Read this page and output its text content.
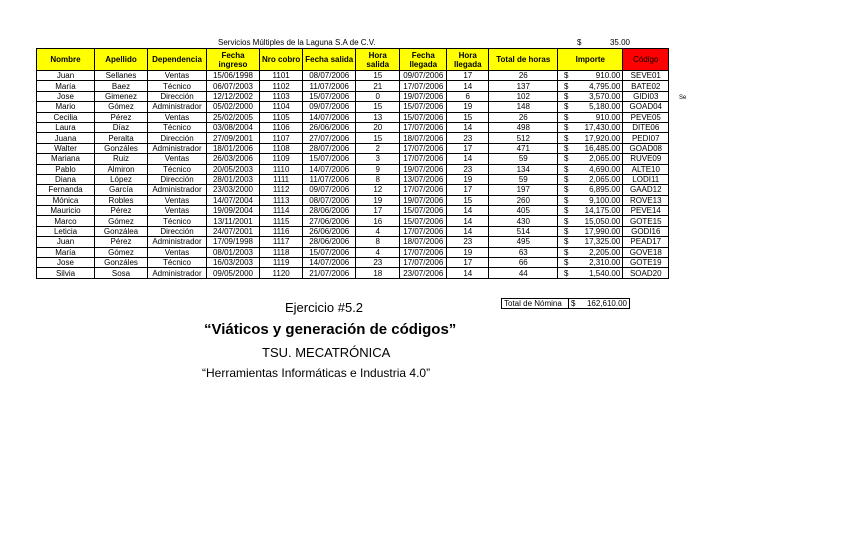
Servicios Múltiples de la Laguna S.A de C.V.	$	35.00
Nombre	Apellido	Dependencia	Fecha ingreso	Nro cobro	Fecha salida	Hora salida	Fecha llegada	Hora llegada	Total de horas	Importe	Código
Juan	Sellanes	Ventas	15/06/1998	1101	08/07/2006	15	09/07/2006	17	26	$ 910.00	SEVE01
María	Baez	Técnico	06/07/2003	1102	11/07/2006	21	17/07/2006	14	137	$ 4,795.00	BATE02
Jose	Gimenez	Dirección	12/12/2002	1103	15/07/2006	0	19/07/2006	6	102	$ 3,570.00	GIDI03
Mario	Gómez	Administrador	05/02/2000	1104	09/07/2006	15	15/07/2006	19	148	$ 5,180.00	GOAD04
Cecilia	Pérez	Ventas	25/02/2005	1105	14/07/2006	13	15/07/2006	15	26	$ 910.00	PEVE05
Laura	Díaz	Técnico	03/08/2004	1106	26/06/2006	20	17/07/2006	14	498	$ 17,430.00	DITE06
Juana	Peralta	Dirección	27/09/2001	1107	27/07/2006	15	18/07/2006	23	512	$ 17,920.00	PEDI07
Walter	Gonzáles	Administrador	18/01/2006	1108	28/07/2006	2	17/07/2006	17	471	$ 16,485.00	GOAD08
Mariana	Ruiz	Ventas	26/03/2006	1109	15/07/2006	3	17/07/2006	14	59	$ 2,065.00	RUVE09
Pablo	Almiron	Técnico	20/05/2003	1110	14/07/2006	9	19/07/2006	23	134	$ 4,690.00	ALTE10
Diana	López	Dirección	28/01/2003	1111	11/07/2006	8	13/07/2006	19	59	$ 2,065.00	LODI11
Fernanda	García	Administrador	23/03/2000	1112	09/07/2006	12	17/07/2006	17	197	$ 6,895.00	GAAD12
Mónica	Robles	Ventas	14/07/2004	1113	08/07/2006	19	19/07/2006	15	260	$ 9,100.00	ROVE13
Mauricio	Pérez	Ventas	19/09/2004	1114	28/06/2006	17	15/07/2006	14	405	$ 14,175.00	PEVE14
Marco	Gómez	Técnico	13/11/2001	1115	27/06/2006	16	15/07/2006	14	430	$ 15,050.00	GOTE15
Leticia	Gonzálea	Dirección	24/07/2001	1116	26/06/2006	4	17/07/2006	14	514	$ 17,990.00	GODI16
Juan	Pérez	Administrador	17/09/1998	1117	28/06/2006	8	18/07/2006	23	495	$ 17,325.00	PEAD17
María	Gómez	Ventas	08/01/2003	1118	15/07/2006	4	17/07/2006	19	63	$ 2,205.00	GOVE18
Jose	Gonzáles	Técnico	16/03/2003	1119	14/07/2006	23	17/07/2006	17	66	$ 2,310.00	GOTE19
Silvia	Sosa	Administrador	09/05/2000	1120	21/07/2006	18	23/07/2006	14	44	$ 1,540.00	SOAD20
Se
Total de Nómina	$ 162,610.00
Ejercicio #5.2
“Viáticos y generación de códigos”
TSU. MECATRÓNICA
“Herramientas Informáticas e Industria 4.0”
